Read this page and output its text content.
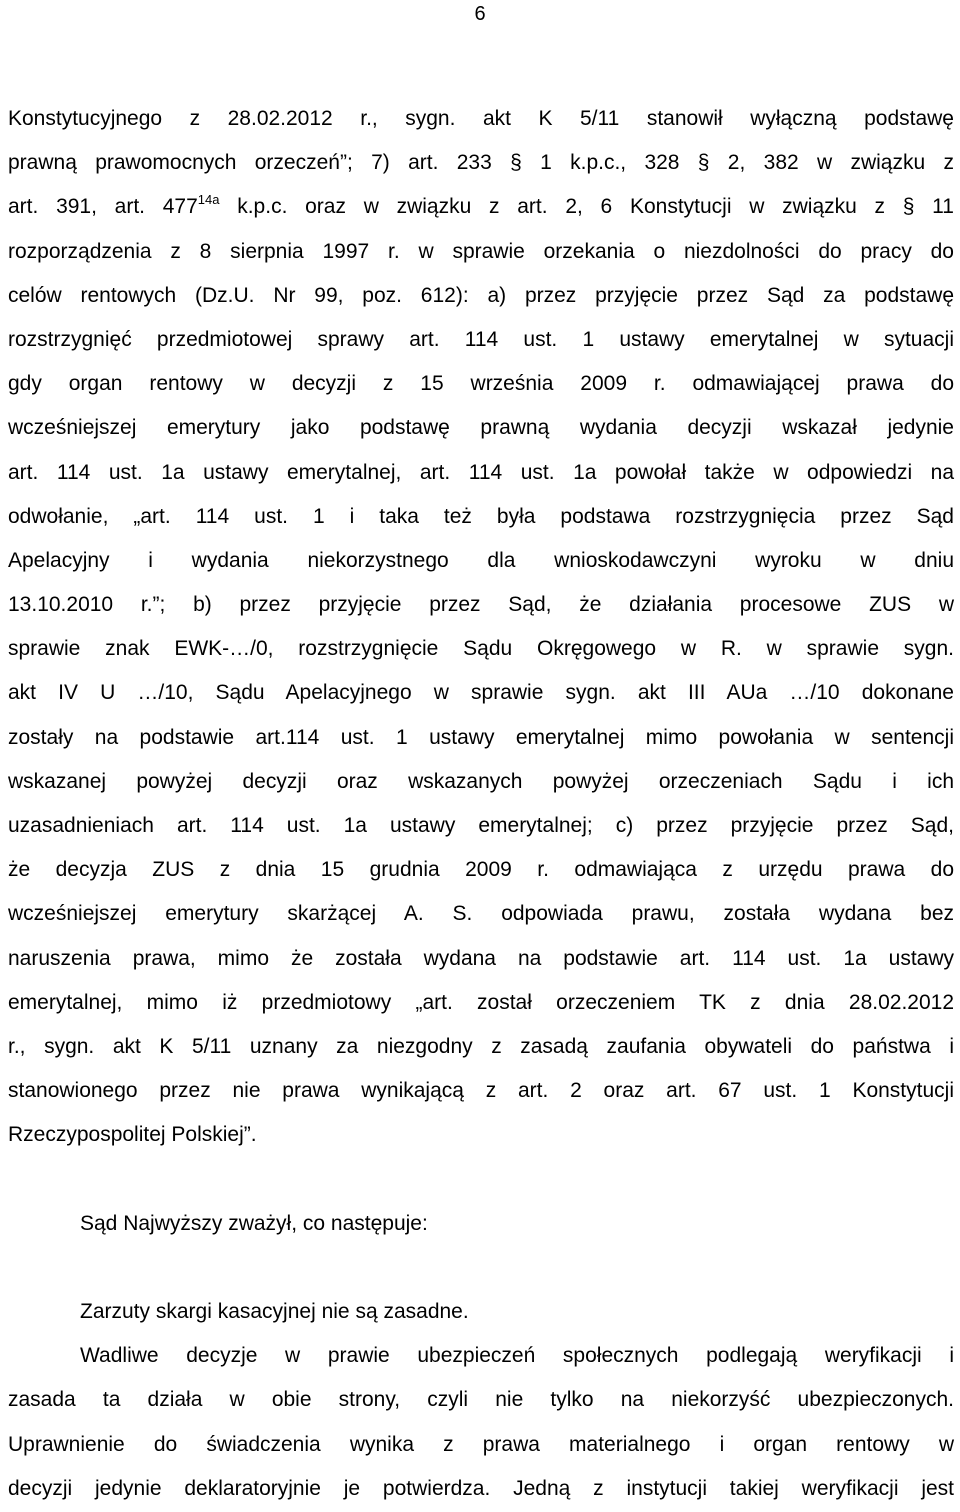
6
Konstytucyjnego z 28.02.2012 r., sygn. akt K 5/11 stanowił wyłączną podstawę
prawną prawomocnych orzeczeń”; 7) art. 233 § 1 k.p.c., 328 § 2, 382 w związku z
art. 391, art. $477^{14a}$ k.p.c. oraz w związku z art. 2, 6 Konstytucji w związku z § 11
rozporządzenia z 8 sierpnia 1997 r. w sprawie orzekania o niezdolności do pracy do
celów rentowych (Dz.U. Nr 99, poz. 612): a) przez przyjęcie przez Sąd za podstawę
rozstrzygnięć przedmiotowej sprawy art. 114 ust. 1 ustawy emerytalnej w sytuacji
gdy organ rentowy w decyzji z 15 września 2009 r. odmawiającej prawa do
wcześniejszej emerytury jako podstawę prawną wydania decyzji wskazał jedynie
art. 114 ust. 1a ustawy emerytalnej, art. 114 ust. 1a powołał także w odpowiedzi na
odwołanie, „art. 114 ust. 1 i taka też była podstawa rozstrzygnięcia przez Sąd
Apelacyjny i wydania niekorzystnego dla wnioskodawczyni wyroku w dniu
13.10.2010 r.”; b) przez przyjęcie przez Sąd, że działania procesowe ZUS w
sprawie znak EWK-…/0, rozstrzygnięcie Sądu Okręgowego w R. w sprawie sygn.
akt IV U …/10, Sądu Apelacyjnego w sprawie sygn. akt III AUa …/10 dokonane
zostały na podstawie art.114 ust. 1 ustawy emerytalnej mimo powołania w sentencji
wskazanej powyżej decyzji oraz wskazanych powyżej orzeczeniach Sądu i ich
uzasadnieniach art. 114 ust. 1a ustawy emerytalnej; c) przez przyjęcie przez Sąd,
że decyzja ZUS z dnia 15 grudnia 2009 r. odmawiająca z urzędu prawa do
wcześniejszej emerytury skarżącej A. S. odpowiada prawu, została wydana bez
naruszenia prawa, mimo że została wydana na podstawie art. 114 ust. 1a ustawy
emerytalnej, mimo iż przedmiotowy „art. został orzeczeniem TK z dnia 28.02.2012
r., sygn. akt K 5/11 uznany za niezgodny z zasadą zaufania obywateli do państwa i
stanowionego przez nie prawa wynikającą z art. 2 oraz art. 67 ust. 1 Konstytucji
Rzeczypospolitej Polskiej”.
Sąd Najwyższy zważył, co następuje:
Zarzuty skargi kasacyjnej nie są zasadne.
Wadliwe decyzje w prawie ubezpieczeń społecznych podlegają weryfikacji i
zasada ta działa w obie strony, czyli nie tylko na niekorzyść ubezpieczonych.
Uprawnienie do świadczenia wynika z prawa materialnego i organ rentowy w
decyzji jedynie deklaratoryjnie je potwierdza. Jedną z instytucji takiej weryfikacji jest
